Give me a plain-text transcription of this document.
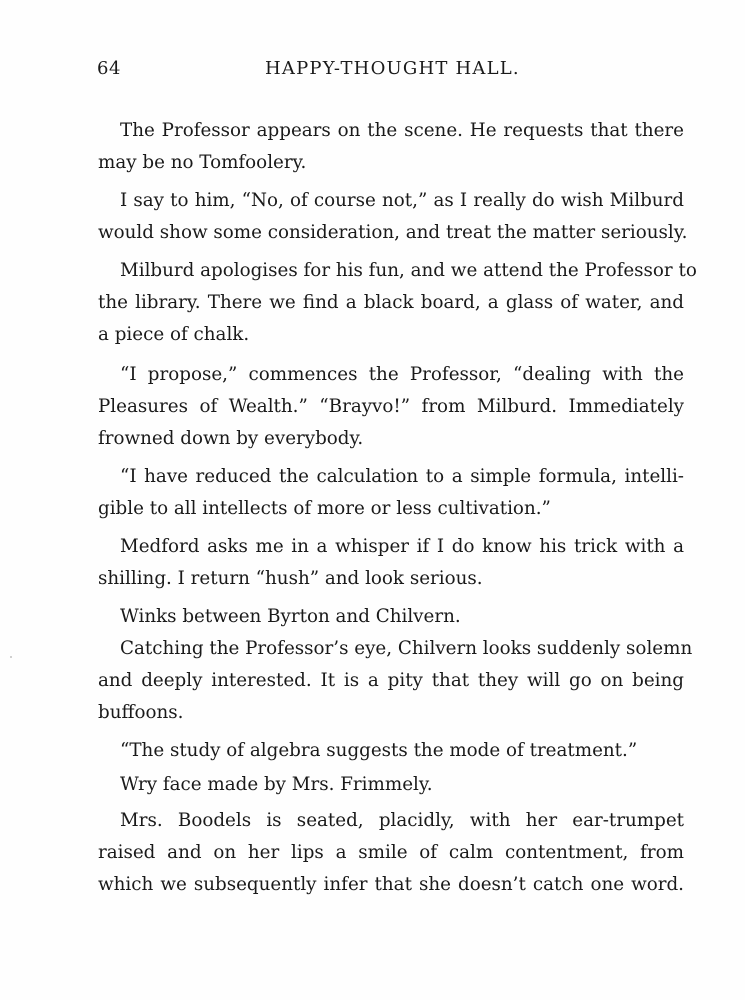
64	HAPPY-THOUGHT HALL.
The Professor appears on the scene. He requests that there
may be no Tomfoolery.
I say to him, “No, of course not,” as I really do wish Milburd
would show some consideration, and treat the matter seriously.
Milburd apologises for his fun, and we attend the Professor to
the library. There we find a black board, a glass of water, and
a piece of chalk.
“I propose,” commences the Professor, “dealing with the
Pleasures of Wealth.” “Brayvo!” from Milburd. Immediately
frowned down by everybody.
“I have reduced the calculation to a simple formula, intelli-
gible to all intellects of more or less cultivation.”
Medford asks me in a whisper if I do know his trick with a
shilling. I return “hush” and look serious.
Winks between Byrton and Chilvern.
Catching the Professor’s eye, Chilvern looks suddenly solemn
and deeply interested. It is a pity that they will go on being
buffoons.
“The study of algebra suggests the mode of treatment.”
Wry face made by Mrs. Frimmely.
Mrs. Boodels is seated, placidly, with her ear-trumpet
raised and on her lips a smile of calm contentment, from
which we subsequently infer that she doesn’t catch one word.
